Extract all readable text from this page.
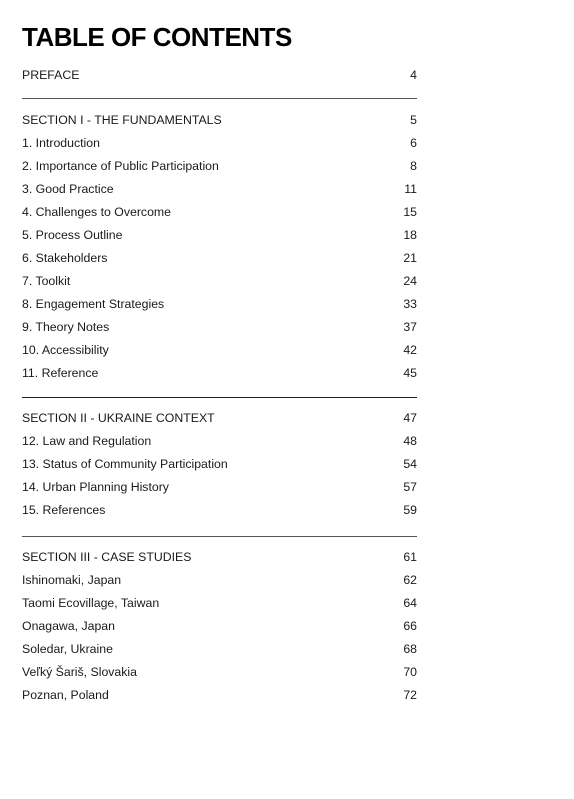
TABLE OF CONTENTS
PREFACE	4
SECTION I - THE FUNDAMENTALS	5
1. Introduction	6
2. Importance of Public Participation	8
3. Good Practice	11
4. Challenges to Overcome	15
5. Process Outline	18
6. Stakeholders	21
7. Toolkit	24
8. Engagement Strategies	33
9. Theory Notes	37
10. Accessibility	42
11. Reference	45
SECTION II - UKRAINE CONTEXT	47
12. Law and Regulation	48
13. Status of Community Participation	54
14. Urban Planning History	57
15. References	59
SECTION III - CASE STUDIES	61
Ishinomaki, Japan	62
Taomi Ecovillage, Taiwan	64
Onagawa, Japan	66
Soledar, Ukraine	68
Veľký Šariš, Slovakia	70
Poznan, Poland	72
